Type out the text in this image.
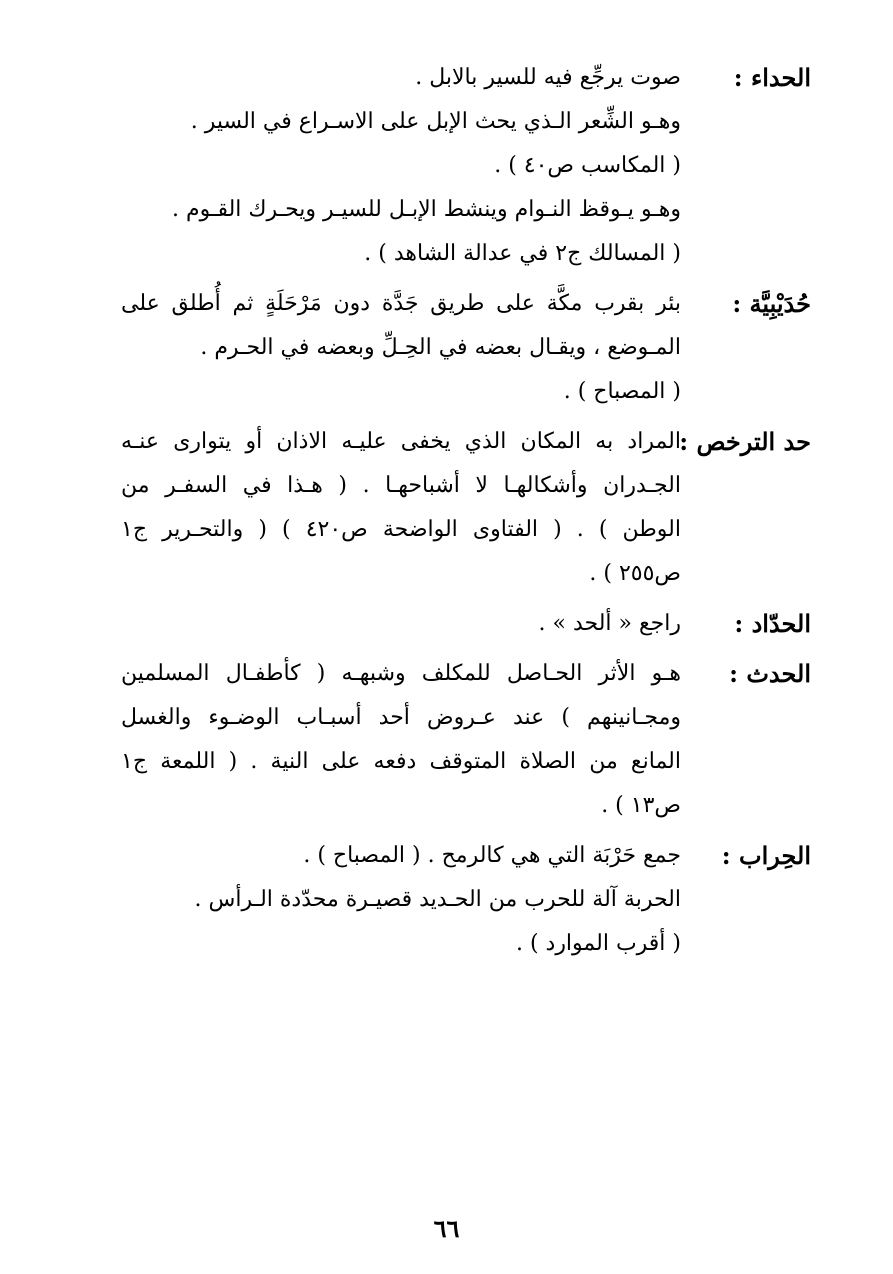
الحداء :
صوت يرجِّع فيه للسير بالابل .
وهـو الشِّعر الـذي يحث الإبل على الاسـراع في السير .
( المكاسب ص٤٠ ) .
وهـو يـوقظ النـوام وينشط الإبـل للسيـر ويحـرك القـوم .
( المسالك ج٢ في عدالة الشاهد ) .
حُدَيْبِيَّة :
بئر بقرب مكَّة على طريق جَدَّة دون مَرْحَلَةٍ ثم أُطلق على
المـوضع ، ويقـال بعضه في الحِـلِّ وبعضه في الحـرم .
( المصباح ) .
حد الترخص :
المراد به المكان الذي يخفى عليـه الاذان أو يتوارى عنـه
الجـدران وأشكالهـا لا أشباحهـا . ( هـذا في السفـر من
الوطن ) . ( الفتاوى الواضحة ص٤٢٠ ) ( والتحـرير ج١
ص٢٥٥ ) .
الحدّاد :
راجع « ألحد » .
الحدث :
هـو الأثر الحـاصل للمكلف وشبهـه ( كأطفـال المسلمين
ومجـانينهم ) عند عـروض أحد أسبـاب الوضـوء والغسل
المانع من الصلاة المتوقف دفعه على النية . ( اللمعة ج١
ص١٣ ) .
الحِراب :
جمع حَرْبَة التي هي كالرمح . ( المصباح ) .
الحربة آلة للحرب من الحـديد قصيـرة محدّدة الـرأس .
( أقرب الموارد ) .
٦٦
